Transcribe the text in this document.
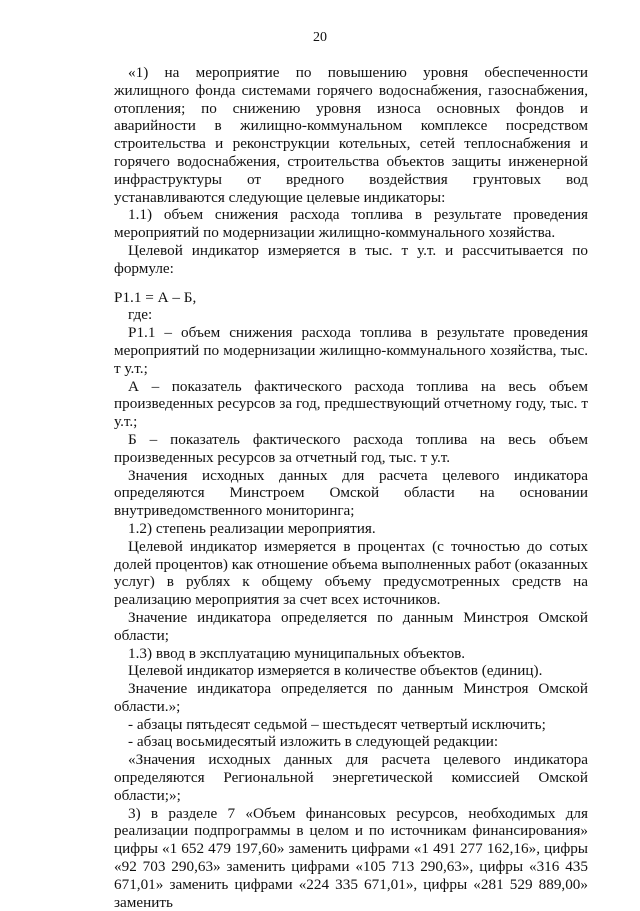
20

«1) на мероприятие по повышению уровня обеспеченности жилищного фонда системами горячего водоснабжения, газоснабжения, отопления; по снижению уровня износа основных фондов и аварийности в жилищно-коммунальном комплексе посредством строительства и реконструкции котельных, сетей теплоснабжения и горячего водоснабжения, строительства объектов защиты инженерной инфраструктуры от вредного воздействия грунтовых вод устанавливаются следующие целевые индикаторы:

1.1) объем снижения расхода топлива в результате проведения мероприятий по модернизации жилищно-коммунального хозяйства.

Целевой индикатор измеряется в тыс. т у.т. и рассчитывается по формуле:

Р1.1 = А – Б,

где:

Р1.1 – объем снижения расхода топлива в результате проведения мероприятий по модернизации жилищно-коммунального хозяйства, тыс. т у.т.;

А – показатель фактического расхода топлива на весь объем произведенных ресурсов за год, предшествующий отчетному году, тыс. т у.т.;

Б – показатель фактического расхода топлива на весь объем произведенных ресурсов за отчетный год, тыс. т у.т.

Значения исходных данных для расчета целевого индикатора определяются Минстроем Омской области на основании внутриведомственного мониторинга;

1.2) степень реализации мероприятия.

Целевой индикатор измеряется в процентах (с точностью до сотых долей процентов) как отношение объема выполненных работ (оказанных услуг) в рублях к общему объему предусмотренных средств на реализацию мероприятия за счет всех источников.

Значение индикатора определяется по данным Минстроя Омской области;

1.3) ввод в эксплуатацию муниципальных объектов.

Целевой индикатор измеряется в количестве объектов (единиц).

Значение индикатора определяется по данным Минстроя Омской области.»;

- абзацы пятьдесят седьмой – шестьдесят четвертый исключить;

- абзац восьмидесятый изложить в следующей редакции:

«Значения исходных данных для расчета целевого индикатора определяются Региональной энергетической комиссией Омской области;»;

3) в разделе 7 «Объем финансовых ресурсов, необходимых для реализации подпрограммы в целом и по источникам финансирования» цифры «1 652 479 197,60» заменить цифрами «1 491 277 162,16», цифры «92 703 290,63» заменить цифрами «105 713 290,63», цифры «316 435 671,01» заменить цифрами «224 335 671,01», цифры «281 529 889,00» заменить
